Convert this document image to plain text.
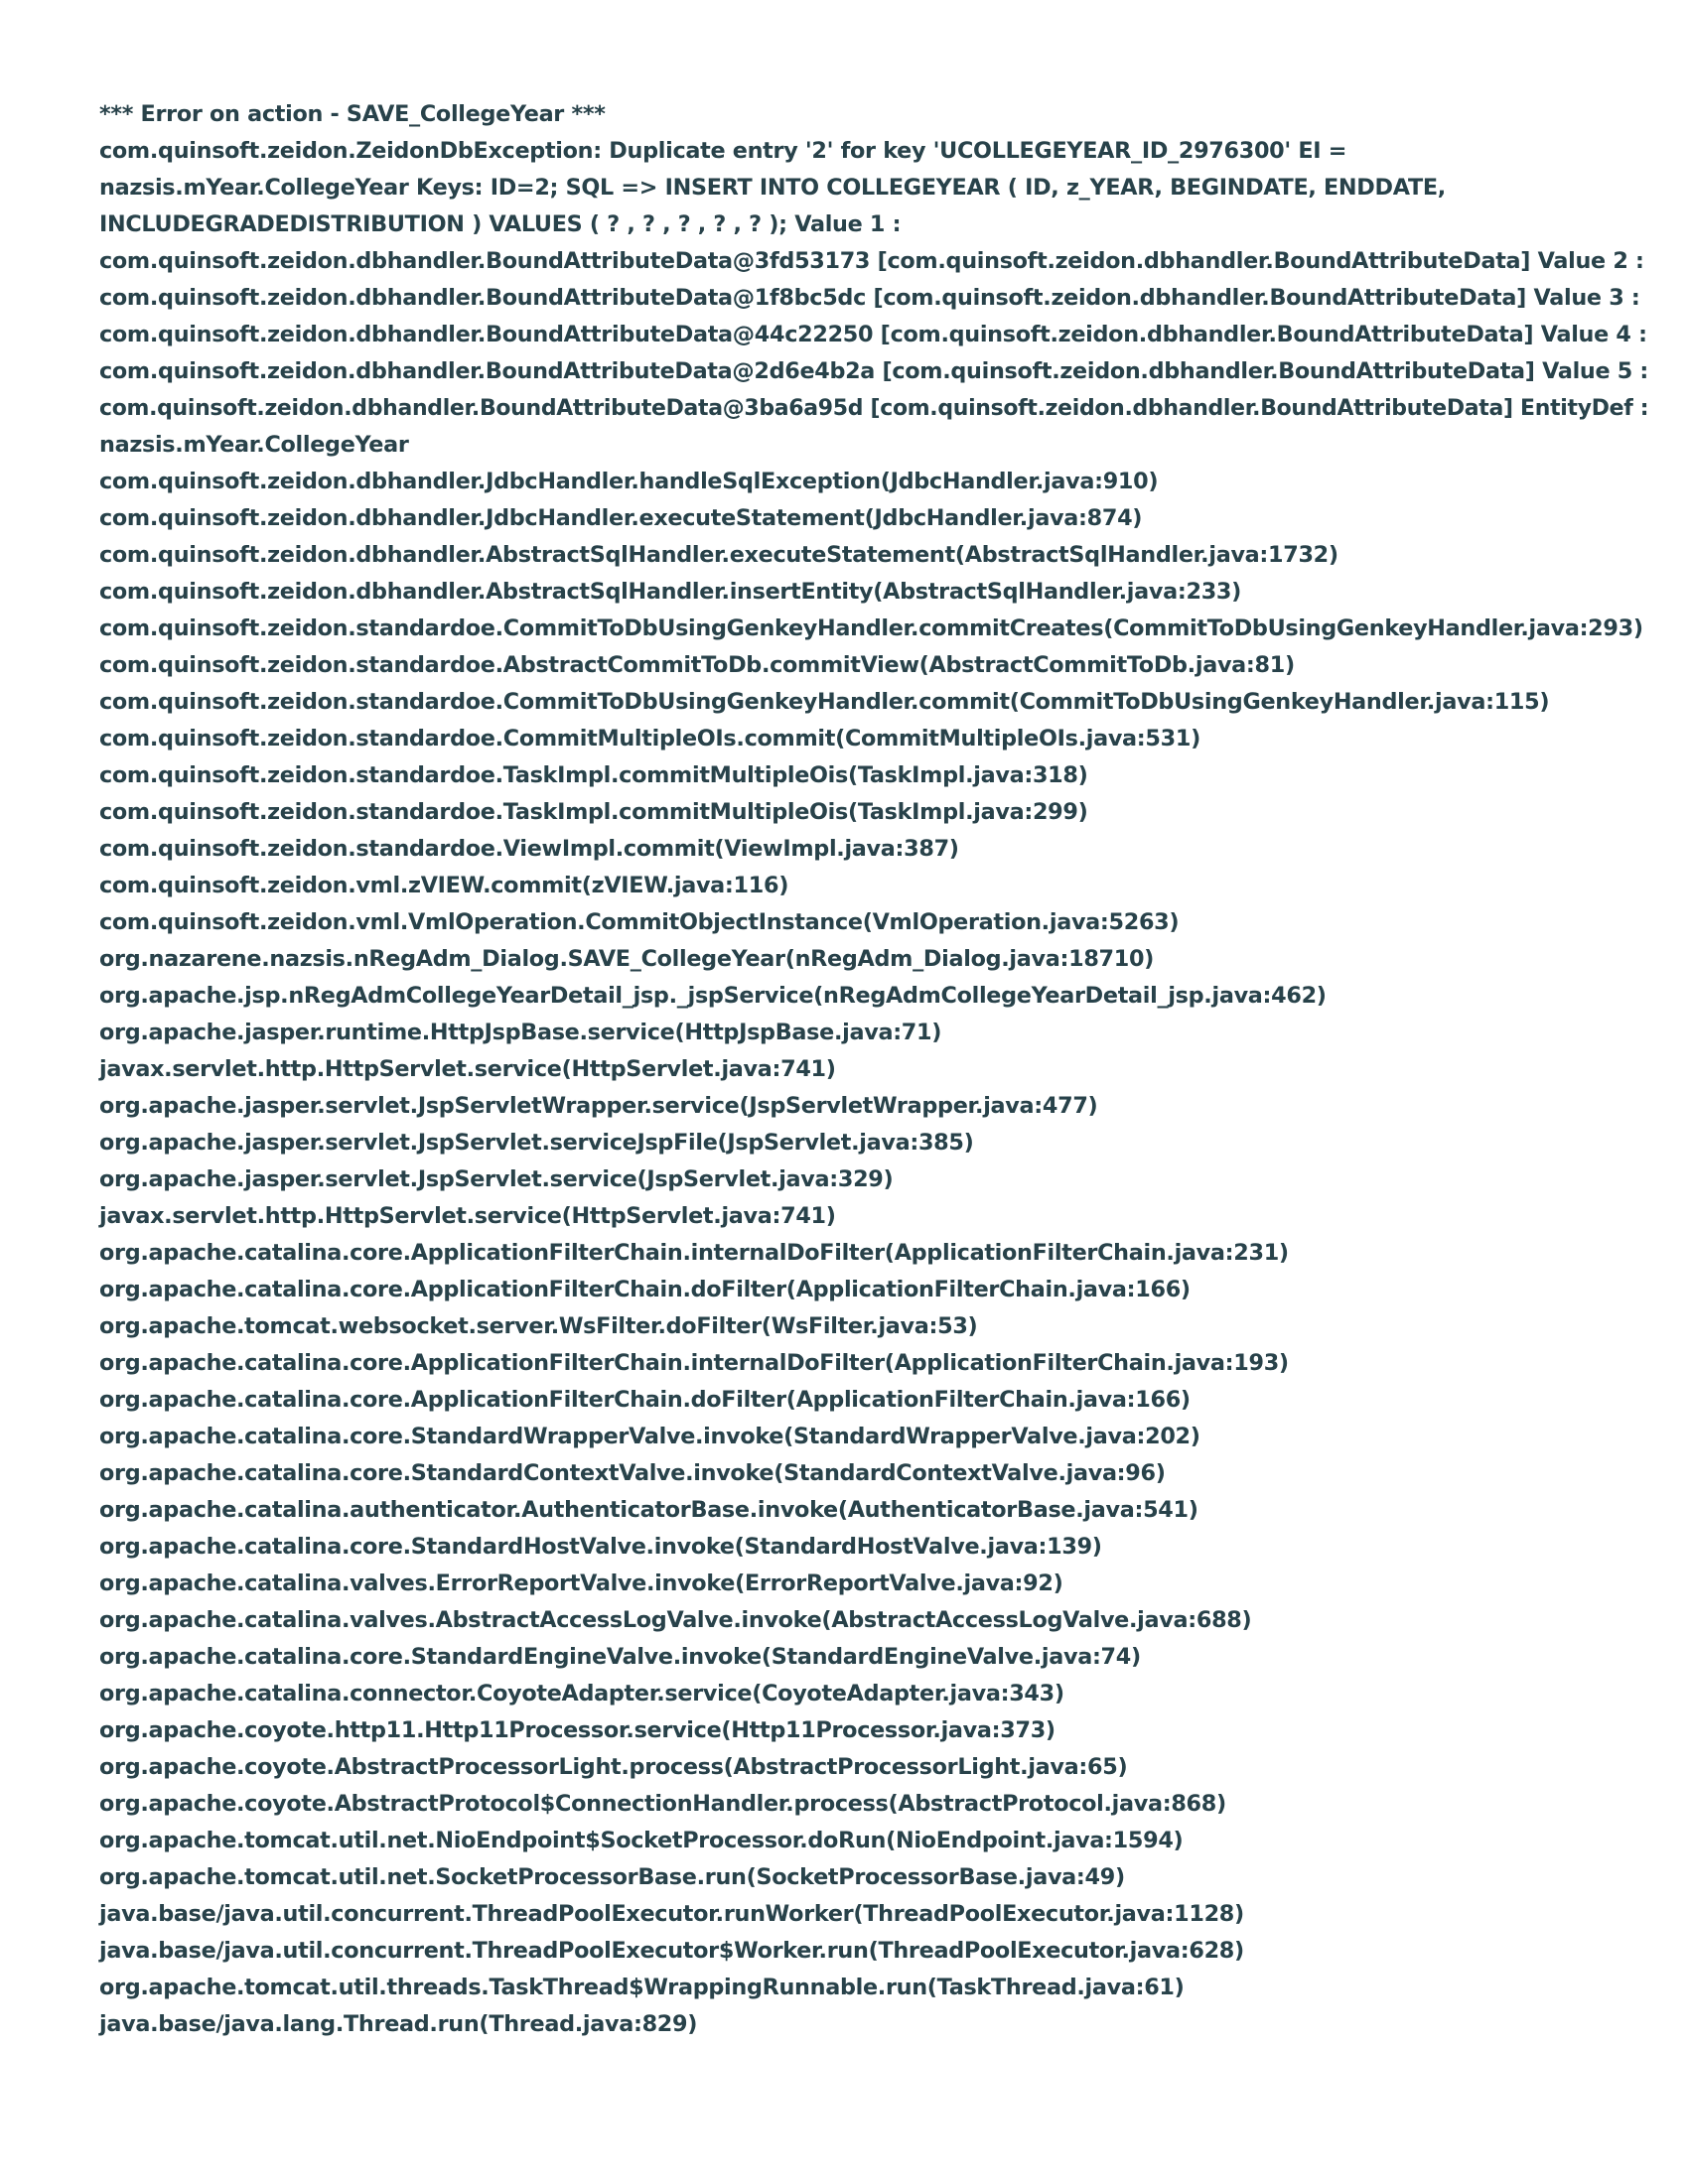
*** Error on action - SAVE_CollegeYear ***
com.quinsoft.zeidon.ZeidonDbException: Duplicate entry '2' for key 'UCOLLEGEYEAR_ID_2976300' EI =
nazsis.mYear.CollegeYear Keys: ID=2; SQL => INSERT INTO COLLEGEYEAR ( ID, z_YEAR, BEGINDATE, ENDDATE,
INCLUDEGRADEDISTRIBUTION ) VALUES ( ? , ? , ? , ? , ? ); Value 1 :
com.quinsoft.zeidon.dbhandler.BoundAttributeData@3fd53173 [com.quinsoft.zeidon.dbhandler.BoundAttributeData] Value 2 :
com.quinsoft.zeidon.dbhandler.BoundAttributeData@1f8bc5dc [com.quinsoft.zeidon.dbhandler.BoundAttributeData] Value 3 :
com.quinsoft.zeidon.dbhandler.BoundAttributeData@44c22250 [com.quinsoft.zeidon.dbhandler.BoundAttributeData] Value 4 :
com.quinsoft.zeidon.dbhandler.BoundAttributeData@2d6e4b2a [com.quinsoft.zeidon.dbhandler.BoundAttributeData] Value 5 :
com.quinsoft.zeidon.dbhandler.BoundAttributeData@3ba6a95d [com.quinsoft.zeidon.dbhandler.BoundAttributeData] EntityDef :
nazsis.mYear.CollegeYear
com.quinsoft.zeidon.dbhandler.JdbcHandler.handleSqlException(JdbcHandler.java:910)
com.quinsoft.zeidon.dbhandler.JdbcHandler.executeStatement(JdbcHandler.java:874)
com.quinsoft.zeidon.dbhandler.AbstractSqlHandler.executeStatement(AbstractSqlHandler.java:1732)
com.quinsoft.zeidon.dbhandler.AbstractSqlHandler.insertEntity(AbstractSqlHandler.java:233)
com.quinsoft.zeidon.standardoe.CommitToDbUsingGenkeyHandler.commitCreates(CommitToDbUsingGenkeyHandler.java:293)
com.quinsoft.zeidon.standardoe.AbstractCommitToDb.commitView(AbstractCommitToDb.java:81)
com.quinsoft.zeidon.standardoe.CommitToDbUsingGenkeyHandler.commit(CommitToDbUsingGenkeyHandler.java:115)
com.quinsoft.zeidon.standardoe.CommitMultipleOIs.commit(CommitMultipleOIs.java:531)
com.quinsoft.zeidon.standardoe.TaskImpl.commitMultipleOis(TaskImpl.java:318)
com.quinsoft.zeidon.standardoe.TaskImpl.commitMultipleOis(TaskImpl.java:299)
com.quinsoft.zeidon.standardoe.ViewImpl.commit(ViewImpl.java:387)
com.quinsoft.zeidon.vml.zVIEW.commit(zVIEW.java:116)
com.quinsoft.zeidon.vml.VmlOperation.CommitObjectInstance(VmlOperation.java:5263)
org.nazarene.nazsis.nRegAdm_Dialog.SAVE_CollegeYear(nRegAdm_Dialog.java:18710)
org.apache.jsp.nRegAdmCollegeYearDetail_jsp._jspService(nRegAdmCollegeYearDetail_jsp.java:462)
org.apache.jasper.runtime.HttpJspBase.service(HttpJspBase.java:71)
javax.servlet.http.HttpServlet.service(HttpServlet.java:741)
org.apache.jasper.servlet.JspServletWrapper.service(JspServletWrapper.java:477)
org.apache.jasper.servlet.JspServlet.serviceJspFile(JspServlet.java:385)
org.apache.jasper.servlet.JspServlet.service(JspServlet.java:329)
javax.servlet.http.HttpServlet.service(HttpServlet.java:741)
org.apache.catalina.core.ApplicationFilterChain.internalDoFilter(ApplicationFilterChain.java:231)
org.apache.catalina.core.ApplicationFilterChain.doFilter(ApplicationFilterChain.java:166)
org.apache.tomcat.websocket.server.WsFilter.doFilter(WsFilter.java:53)
org.apache.catalina.core.ApplicationFilterChain.internalDoFilter(ApplicationFilterChain.java:193)
org.apache.catalina.core.ApplicationFilterChain.doFilter(ApplicationFilterChain.java:166)
org.apache.catalina.core.StandardWrapperValve.invoke(StandardWrapperValve.java:202)
org.apache.catalina.core.StandardContextValve.invoke(StandardContextValve.java:96)
org.apache.catalina.authenticator.AuthenticatorBase.invoke(AuthenticatorBase.java:541)
org.apache.catalina.core.StandardHostValve.invoke(StandardHostValve.java:139)
org.apache.catalina.valves.ErrorReportValve.invoke(ErrorReportValve.java:92)
org.apache.catalina.valves.AbstractAccessLogValve.invoke(AbstractAccessLogValve.java:688)
org.apache.catalina.core.StandardEngineValve.invoke(StandardEngineValve.java:74)
org.apache.catalina.connector.CoyoteAdapter.service(CoyoteAdapter.java:343)
org.apache.coyote.http11.Http11Processor.service(Http11Processor.java:373)
org.apache.coyote.AbstractProcessorLight.process(AbstractProcessorLight.java:65)
org.apache.coyote.AbstractProtocol$ConnectionHandler.process(AbstractProtocol.java:868)
org.apache.tomcat.util.net.NioEndpoint$SocketProcessor.doRun(NioEndpoint.java:1594)
org.apache.tomcat.util.net.SocketProcessorBase.run(SocketProcessorBase.java:49)
java.base/java.util.concurrent.ThreadPoolExecutor.runWorker(ThreadPoolExecutor.java:1128)
java.base/java.util.concurrent.ThreadPoolExecutor$Worker.run(ThreadPoolExecutor.java:628)
org.apache.tomcat.util.threads.TaskThread$WrappingRunnable.run(TaskThread.java:61)
java.base/java.lang.Thread.run(Thread.java:829)
